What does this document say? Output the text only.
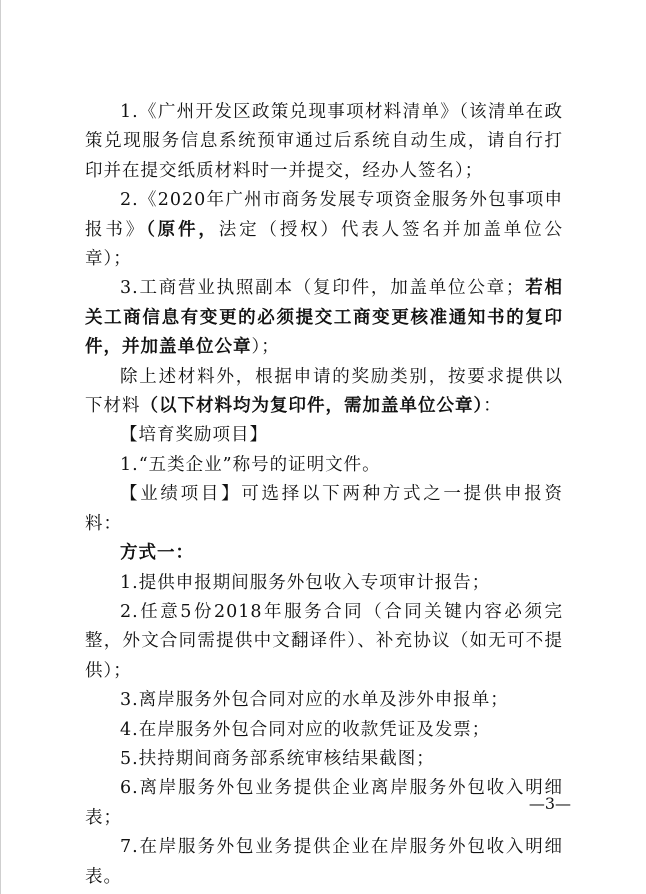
1.《广州开发区政策兑现事项材料清单》（该清单在政策兑现服务信息系统预审通过后系统自动生成，请自行打印并在提交纸质材料时一并提交，经办人签名）；

2.《2020年广州市商务发展专项资金服务外包事项申报书》（原件，法定（授权）代表人签名并加盖单位公章）；

3.工商营业执照副本（复印件，加盖单位公章；若相关工商信息有变更的必须提交工商变更核准通知书的复印件，并加盖单位公章）；

除上述材料外，根据申请的奖励类别，按要求提供以下材料（以下材料均为复印件，需加盖单位公章）：

【培育奖励项目】

1.“五类企业”称号的证明文件。

【业绩项目】可选择以下两种方式之一提供申报资料：

方式一：

1.提供申报期间服务外包收入专项审计报告；

2.任意5份2018年服务合同（合同关键内容必须完整，外文合同需提供中文翻译件）、补充协议（如无可不提供）；

3.离岸服务外包合同对应的水单及涉外申报单；

4.在岸服务外包合同对应的收款凭证及发票；

5.扶持期间商务部系统审核结果截图；

6.离岸服务外包业务提供企业离岸服务外包收入明细表；

7.在岸服务外包业务提供企业在岸服务外包收入明细表。

—3—
